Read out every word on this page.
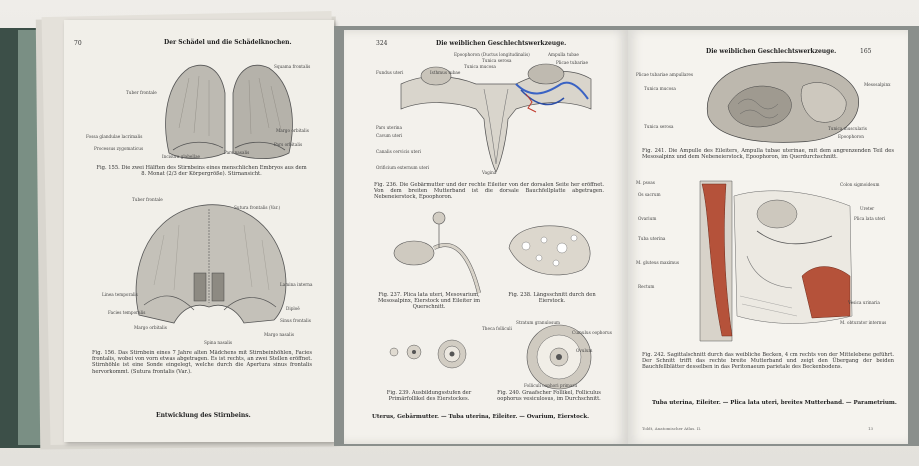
70	Der Schädel und die Schädelknochen.
Tuber frontale
Squama frontalis
Margo orbitalis
Pars orbitalis
Fossa glandulae lacrimalis
Processus zygomaticus
Incisura glabellae
Pars nasalis
Fig. 155. Die zwei Hälften des Stirnbeins eines menschlichen Embryos aus dem 8. Monat (2/3 der Körpergröße). Stirnansicht.
Tuber frontale
Sutura frontalis (Var.)
Lamina interna
Linea temporalis
Facies temporalis
Diploë
Sinus frontalis
Margo orbitalis
Margo nasalis
Spina nasalis
Fig. 156. Das Stirnbein eines 7 Jahre alten Mädchens mit Stirnbeinhöhlen, Facies frontalis, wobei von vorn etwas abgetragen. Es ist rechts, an zwei Stellen eröffnet. Stirnhöhle ist eine Sonde eingelegt, welche durch die Apertura sinus frontalis hervorkommt. (Sutura frontalis (Var.).
Entwicklung des Stirnbeins.
324	Die weiblichen Geschlechtswerkzeuge.
Epoophoron (Ductus longitudinalis)
Tunica serosa
Tunica mucosa
Ampulla tubae
Plicae tubariae
Fundus uteri	Isthmus tubae
Pars uterina
Cavum uteri
Canalis cervicis uteri
Orificium externum uteri
Vagina
Fig. 236. Die Gebärmutter und der rechte Eileiter von der dorsalen Seite her eröffnet. Von dem breiten Mutterband ist die dorsale Bauchfellplatte abgetragen. Nebeneierstock, Epoophoron.
Fig. 237. Plica lata uteri, Mesovarium, Mesosalpinx, Eierstock und Eileiter im Querschnitt.
Fig. 238. Längsschnitt durch den Eierstock.
Theca folliculi
Stratum granulosum
Cumulus oophorus
Ovulum
Folliculi oophori primarii
Fig. 239. Ausbildungsstufen der Primärfollikel des Eierstockes.
Fig. 240. Graafscher Follikel, Folliculus oophorus vesiculosus, im Durchschnitt.
Uterus, Gebärmutter. — Tuba uterina, Eileiter. — Ovarium, Eierstock.
Die weiblichen Geschlechtswerkzeuge.	165
Plicae tubariae ampullares
Tunica mucosa
Mesosalpinx
Tunica serosa
Epoophoron
Tunica muscularis
Fig. 241. Die Ampulle des Eileiters, Ampulla tubae uterinae, mit dem angrenzenden Teil des Mesosalpinx und dem Nebeneierstock, Epoophoron, im Querdurchschnitt.
M. psoas
Os sacrum
Colon sigmoideum
Ureter
Plica lata uteri
Ovarium
Tuba uterina
M. gluteus maximus
Rectum
M. obturator internus
Vesica urinaria
Fig. 242. Sagittalschnitt durch das weibliche Becken, 4 cm rechts von der Mittelebene geführt. Der Schnitt trifft das rechte breite Mutterband und zeigt den Übergang der beiden Bauchfellblätter desselben in das Peritonaeum parietale des Beckenbodens.
Tuba uterina, Eileiter. — Plica lata uteri, breites Mutterband. — Parametrium.
Toldt, Anatomischer Atlas. II.	13
